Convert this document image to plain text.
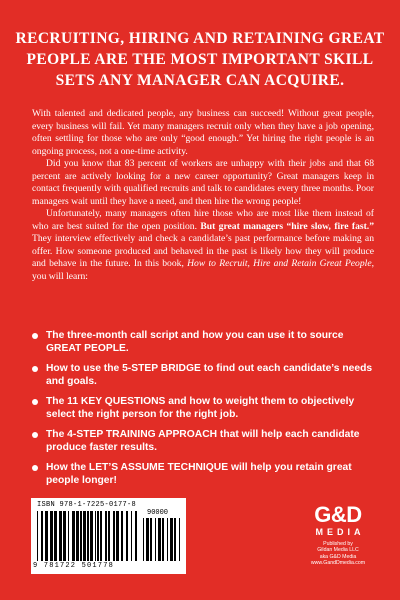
RECRUITING, HIRING AND RETAINING GREAT PEOPLE ARE THE MOST IMPORTANT SKILL SETS ANY MANAGER CAN ACQUIRE.

With talented and dedicated people, any business can succeed! Without great people, every business will fail. Yet many managers recruit only when they have a job opening, often settling for those who are only “good enough.” Yet hiring the right people is an ongoing process, not a one-time activity.

Did you know that 83 percent of workers are unhappy with their jobs and that 68 percent are actively looking for a new career opportunity? Great managers keep in contact frequently with qualified recruits and talk to candidates every three months. Poor managers wait until they have a need, and then hire the wrong people!

Unfortunately, many managers often hire those who are most like them instead of who are best suited for the open position. But great managers “hire slow, fire fast.” They interview effectively and check a candidate’s past performance before making an offer. How someone produced and behaved in the past is likely how they will produce and behave in the future. In this book, How to Recruit, Hire and Retain Great People, you will learn:

The three-month call script and how you can use it to source GREAT PEOPLE.
How to use the 5-STEP BRIDGE to find out each candidate’s needs and goals.
The 11 KEY QUESTIONS and how to weight them to objectively select the right person for the right job.
The 4-STEP TRAINING APPROACH that will help each candidate produce faster results.
How the LET’S ASSUME TECHNIQUE will help you retain great people longer!
ISBN 978-1-7225-0177-8
90000
9 781722 501778
G&D
MEDIA
Published by
Gildan Media LLC
aka G&D Media
www.GandDmedia.com
